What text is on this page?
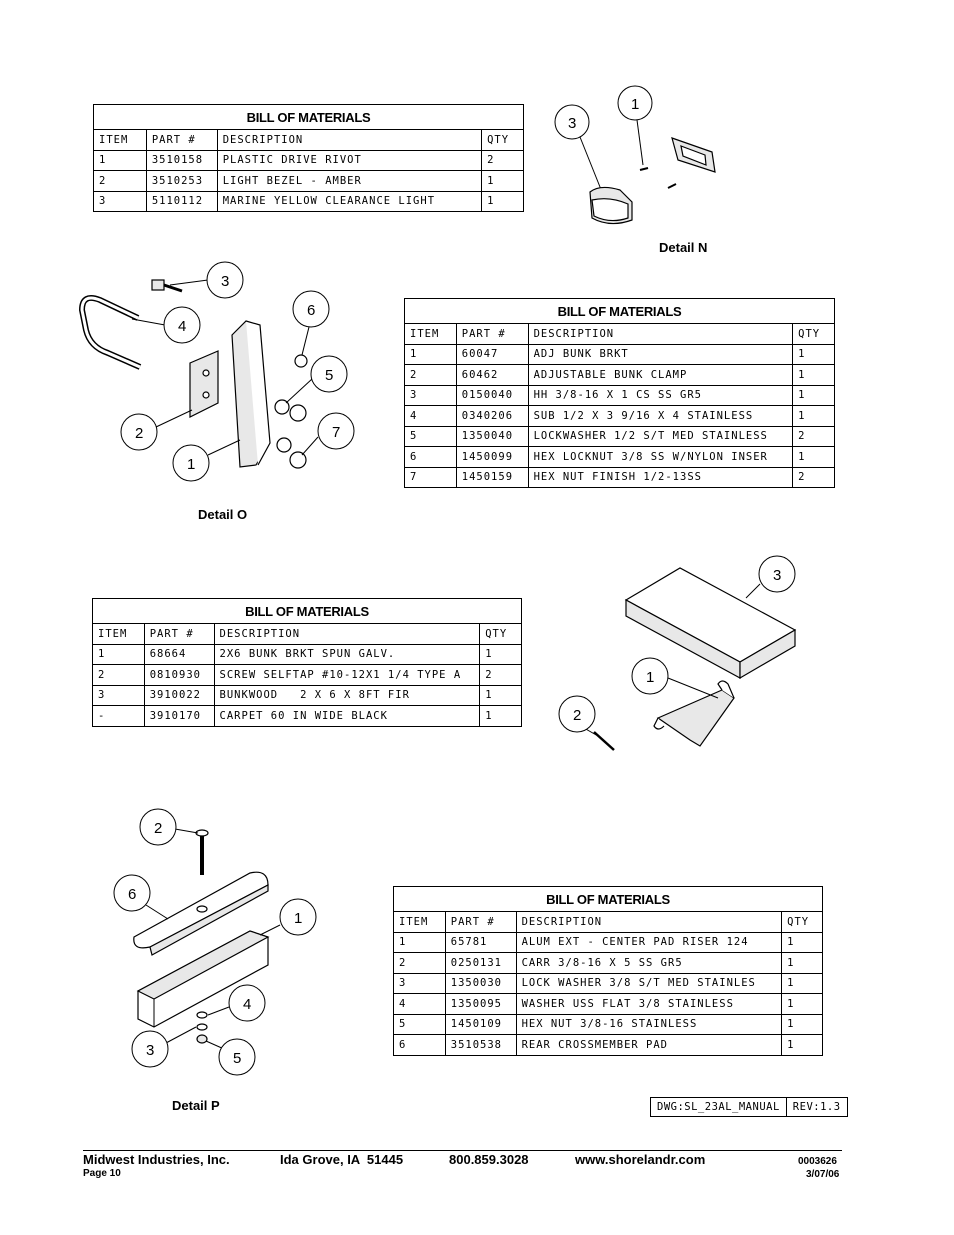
BILL OF MATERIALS			
ITEM	PART #	DESCRIPTION	QTY
1	3510158	PLASTIC DRIVE RIVOT	2
2	3510253	LIGHT BEZEL - AMBER	1
3	5110112	MARINE YELLOW CLEARANCE LIGHT	1
3
1
Detail N
3
4
6
5
2	7
1
BILL OF MATERIALS			
ITEM	PART #	DESCRIPTION	QTY
1	60047	ADJ BUNK BRKT	1
2	60462	ADJUSTABLE BUNK CLAMP	1
3	0150040	HH 3/8-16 X 1 CS SS GR5	1
4	0340206	SUB 1/2 X 3 9/16 X 4 STAINLESS	1
5	1350040	LOCKWASHER 1/2 S/T MED STAINLESS	2
6	1450099	HEX LOCKNUT 3/8 SS W/NYLON INSER	1
7	1450159	HEX NUT FINISH 1/2-13SS	2
Detail O
BILL OF MATERIALS			
ITEM	PART #	DESCRIPTION	QTY
1	68664	2X6 BUNK BRKT SPUN GALV.	1
2	0810930	SCREW SELFTAP #10-12X1 1/4 TYPE A	2
3	3910022	BUNKWOOD   2 X 6 X 8FT FIR	1
-	3910170	CARPET 60 IN WIDE BLACK	1
3
1
2
2
6
1
4
3	5
Detail P
BILL OF MATERIALS			
ITEM	PART #	DESCRIPTION	QTY
1	65781	ALUM EXT - CENTER PAD RISER 124	1
2	0250131	CARR 3/8-16 X 5 SS GR5	1
3	1350030	LOCK WASHER 3/8 S/T MED STAINLES	1
4	1350095	WASHER USS FLAT 3/8 STAINLESS	1
5	1450109	HEX NUT 3/8-16 STAINLESS	1
6	3510538	REAR CROSSMEMBER PAD	1
DWG:SL_23AL_MANUAL	REV:1.3
Midwest Industries, Inc.	Ida Grove, IA  51445	800.859.3028	www.shorelandr.com
Page 10
0003626
3/07/06
